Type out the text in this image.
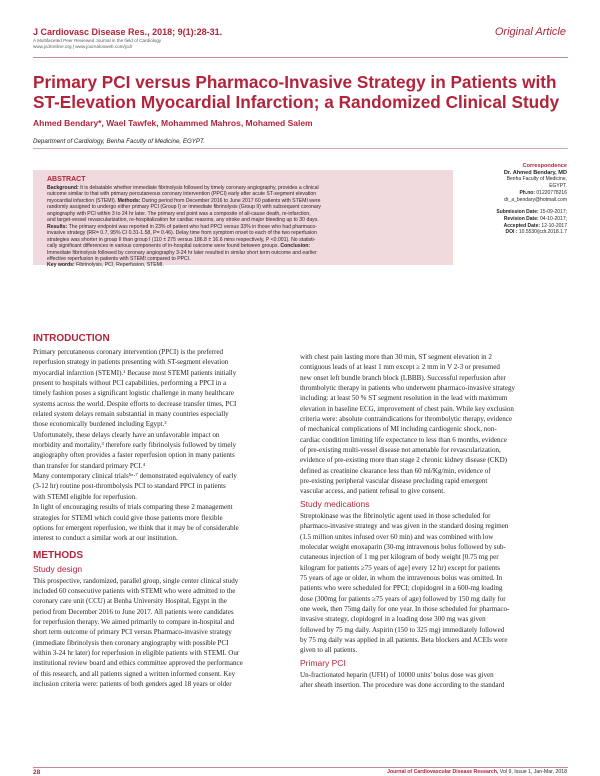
J Cardiovasc Disease Res., 2018; 9(1):28-31.
A Multifaceted Peer Reviewed Journal in the field of Cardiology
www.jcdronline.org | www.journalonweb.com/jcdr
Original Article
Primary PCI versus Pharmaco-Invasive Strategy in Patients with
ST-Elevation Myocardial Infarction; a Randomized Clinical Study
Ahmed Bendary*, Wael Tawfek, Mohammed Mahros, Mohamed Salem
Department of Cardiology, Benha Faculty of Medicine, EGYPT.
ABSTRACT
Background: It is debatable whether immediate fibrinolysis followed by timely coronary angiography, provides a clinical
outcome similar to that with primary percutaneous coronary intervention (PPCI) early after acute ST-segment elevation
myocardial infarction (STEMI). Methods: During period from December 2016 to June 2017 60 patients with STEMI were
randomly assigned to undergo either primary PCI (Group I) or immediate fibrinolysis (Group II) with subsequent coronary
angiography with PCI within 3 to 24 hr later. The primary end point was a composite of all-cause death, re-infarction,
and target-vessel revascularization, re-hospitalization for cardiac reasons, any stroke and major bleeding up to 30 days.
Results: The primary endpoint was reported in 23% of patient who had PPCI versus 33% in those who had pharmaco-
invasive strategy (RR= 0.7, 95% CI 0.31-1.58, P= 0.46). Delay time from symptom onset to each of the two reperfusion
strategies was shorter in group II than group I (110 ± 275 versus 186.8 ± 16.6 mins respectively, P <0.001). No statisti-
cally significant differences in various components of in-hospital outcome were found between groups. Conclusion:
Immediate fibrinolysis followed by coronary angiography 3-24 hr later resulted in similar short term outcome and earlier
effective reperfusion in patients with STEMI compared to PPCI.
Key words: Fibrinolysis, PCI, Reperfusion, STEMI.
Correspondence
Dr. Ahmed Bendary, MD
Benha Faculty of Medicine,
EGYPT.
Ph.no: 01220778216
dr_a_bendary@hotmail.com
Submission Date: 15-09-2017;
Revision Date: 04-10-2017;
Accepted Date: 12-10-2017
DOI : 10.5530/jcdr.2018.1.7
INTRODUCTION
Primary percutaneous coronary intervention (PPCI) is the preferred
reperfusion strategy in patients presenting with ST-segment elevation
myocardial infarction (STEMI).¹ Because most STEMI patients initially
present to hospitals without PCI capabilities, performing a PPCI in a
timely fashion poses a significant logistic challenge in many healthcare
systems across the world. Despite efforts to decrease transfer times, PCI
related system delays remain substantial in many countries especially
those economically burdened including Egypt.²
Unfortunately, these delays clearly have an unfavorable impact on
morbidity and mortality,³ therefore early fibrinolysis followed by timely
angiography often provides a faster reperfusion option in many patients
than transfer for standard primary PCI.⁴
Many contemporary clinical trials⁵ᵃ·⁷ demonstrated equivalency of early
(3-12 hr) routine post-thrombolysis PCI to standard PPCI in patients
with STEMI eligible for reperfusion.
In light of encouraging results of trials comparing these 2 management
strategies for STEMI which could give those patients more flexible
options for emergent reperfusion, we think that it may be of considerable
interest to conduct a similar work at our institution.
METHODS
Study design
This prospective, randomized, parallel group, single center clinical study
included 60 consecutive patients with STEMI who were admitted to the
coronary care unit (CCU) at Benha University Hospital, Egypt in the
period from December 2016 to June 2017. All patients were candidates
for reperfusion therapy. We aimed primarily to compare in-hospital and
short term outcome of primary PCI versus Pharmaco-invasive strategy
(immediate fibrinolysis then coronary angiography with possible PCI
within 3-24 hr later) for reperfusion in eligible patients with STEMI. Our
institutional review board and ethics committee approved the performance
of this research, and all patients signed a written informed consent. Key
inclusion criteria were: patients of both genders aged 18 years or older
with chest pain lasting more than 30 min, ST segment elevation in 2
contiguous leads of at least 1 mm except ≥ 2 mm in V 2-3 or presumed
new onset left bundle branch block (LBBB). Successful reperfusion after
thrombolytic therapy in patients who underwent pharmaco-invasive strategy
including: at least 50 % ST segment resolution in the lead with maximum
elevation in baseline ECG, improvement of chest pain. While key exclusion
criteria were: absolute contraindications for thrombolytic therapy, evidence
of mechanical complications of MI including cardiogenic shock, non-
cardiac condition limiting life expectance to less than 6 months, evidence
of pre-existing multi-vessel disease not amenable for revascularization,
evidence of pre-existing more than stage 2 chronic kidney disease (CKD)
defined as creatinine clearance less than 60 ml/Kg/min, evidence of
pre-existing peripheral vascular disease precluding rapid emergent
vascular access, and patient refusal to give consent.
Study medications
Streptokinase was the fibrinolytic agent used in those scheduled for
pharmaco-invasive strategy and was given in the standard dosing regimen
(1.5 million unites infused over 60 min) and was combined with low
molecular weight enoxaparin (30-mg intravenous bolus followed by sub-
cutaneous injection of 1 mg per kilogram of body weight [0.75 mg per
kilogram for patients ≥75 years of age] every 12 hr) except for patients
75 years of age or older, in whom the intravenous bolus was omitted. In
patients who were scheduled for PPCI; clopidogrel in a 600-mg loading
dose (300mg for patients ≥75 years of age) followed by 150 mg daily for
one week, then 75mg daily for one year. In those scheduled for pharmaco-
invasive strategy, clopidogrel in a loading dose 300 mg was given
followed by 75 mg daily. Aspirin (150 to 325 mg) immediately followed
by 75 mg daily was applied in all patients. Beta blockers and ACEIs were
given to all patients.
Primary PCI
Un-fractionated heparin (UFH) of 10000 units' bolus dose was given
after sheath insertion. The procedure was done according to the standard
28	Journal of Cardiovascular Disease Research, Vol 9, Issue 1, Jan-Mar, 2018
